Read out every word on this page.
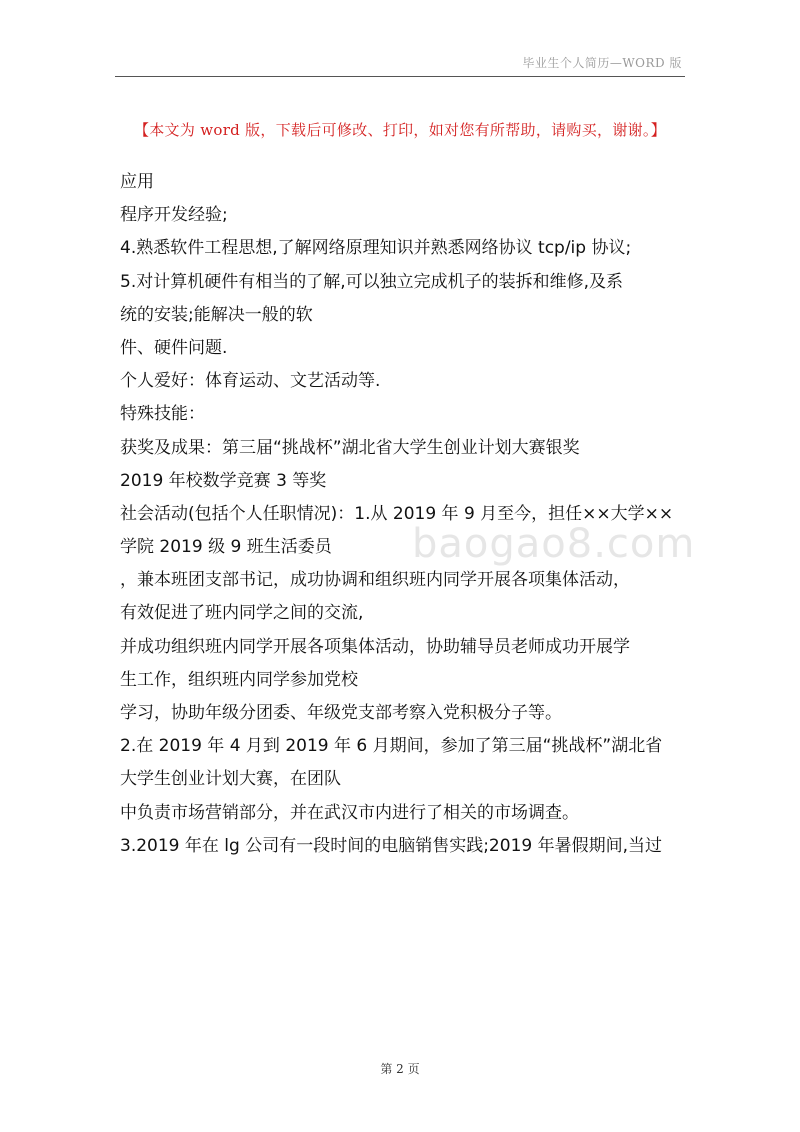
毕业生个人简历—WORD 版
【本文为 word 版，下载后可修改、打印，如对您有所帮助，请购买，谢谢。】
baogao8.com
应用
程序开发经验;
4.熟悉软件工程思想,了解网络原理知识并熟悉网络协议 tcp/ip 协议;
5.对计算机硬件有相当的了解,可以独立完成机子的装拆和维修,及系
统的安装;能解决一般的软
件、硬件问题.
个人爱好：体育运动、文艺活动等.
特殊技能：
获奖及成果：第三届“挑战杯”湖北省大学生创业计划大赛银奖
2019 年校数学竞赛 3 等奖
社会活动(包括个人任职情况)：1.从 2019 年 9 月至今，担任××大学××
学院 2019 级 9 班生活委员
，兼本班团支部书记，成功协调和组织班内同学开展各项集体活动，
有效促进了班内同学之间的交流,
并成功组织班内同学开展各项集体活动，协助辅导员老师成功开展学
生工作，组织班内同学参加党校
学习，协助年级分团委、年级党支部考察入党积极分子等。
2.在 2019 年 4 月到 2019 年 6 月期间，参加了第三届“挑战杯”湖北省
大学生创业计划大赛，在团队
中负责市场营销部分，并在武汉市内进行了相关的市场调查。
3.2019 年在 lg 公司有一段时间的电脑销售实践;2019 年暑假期间,当过
第 2 页
